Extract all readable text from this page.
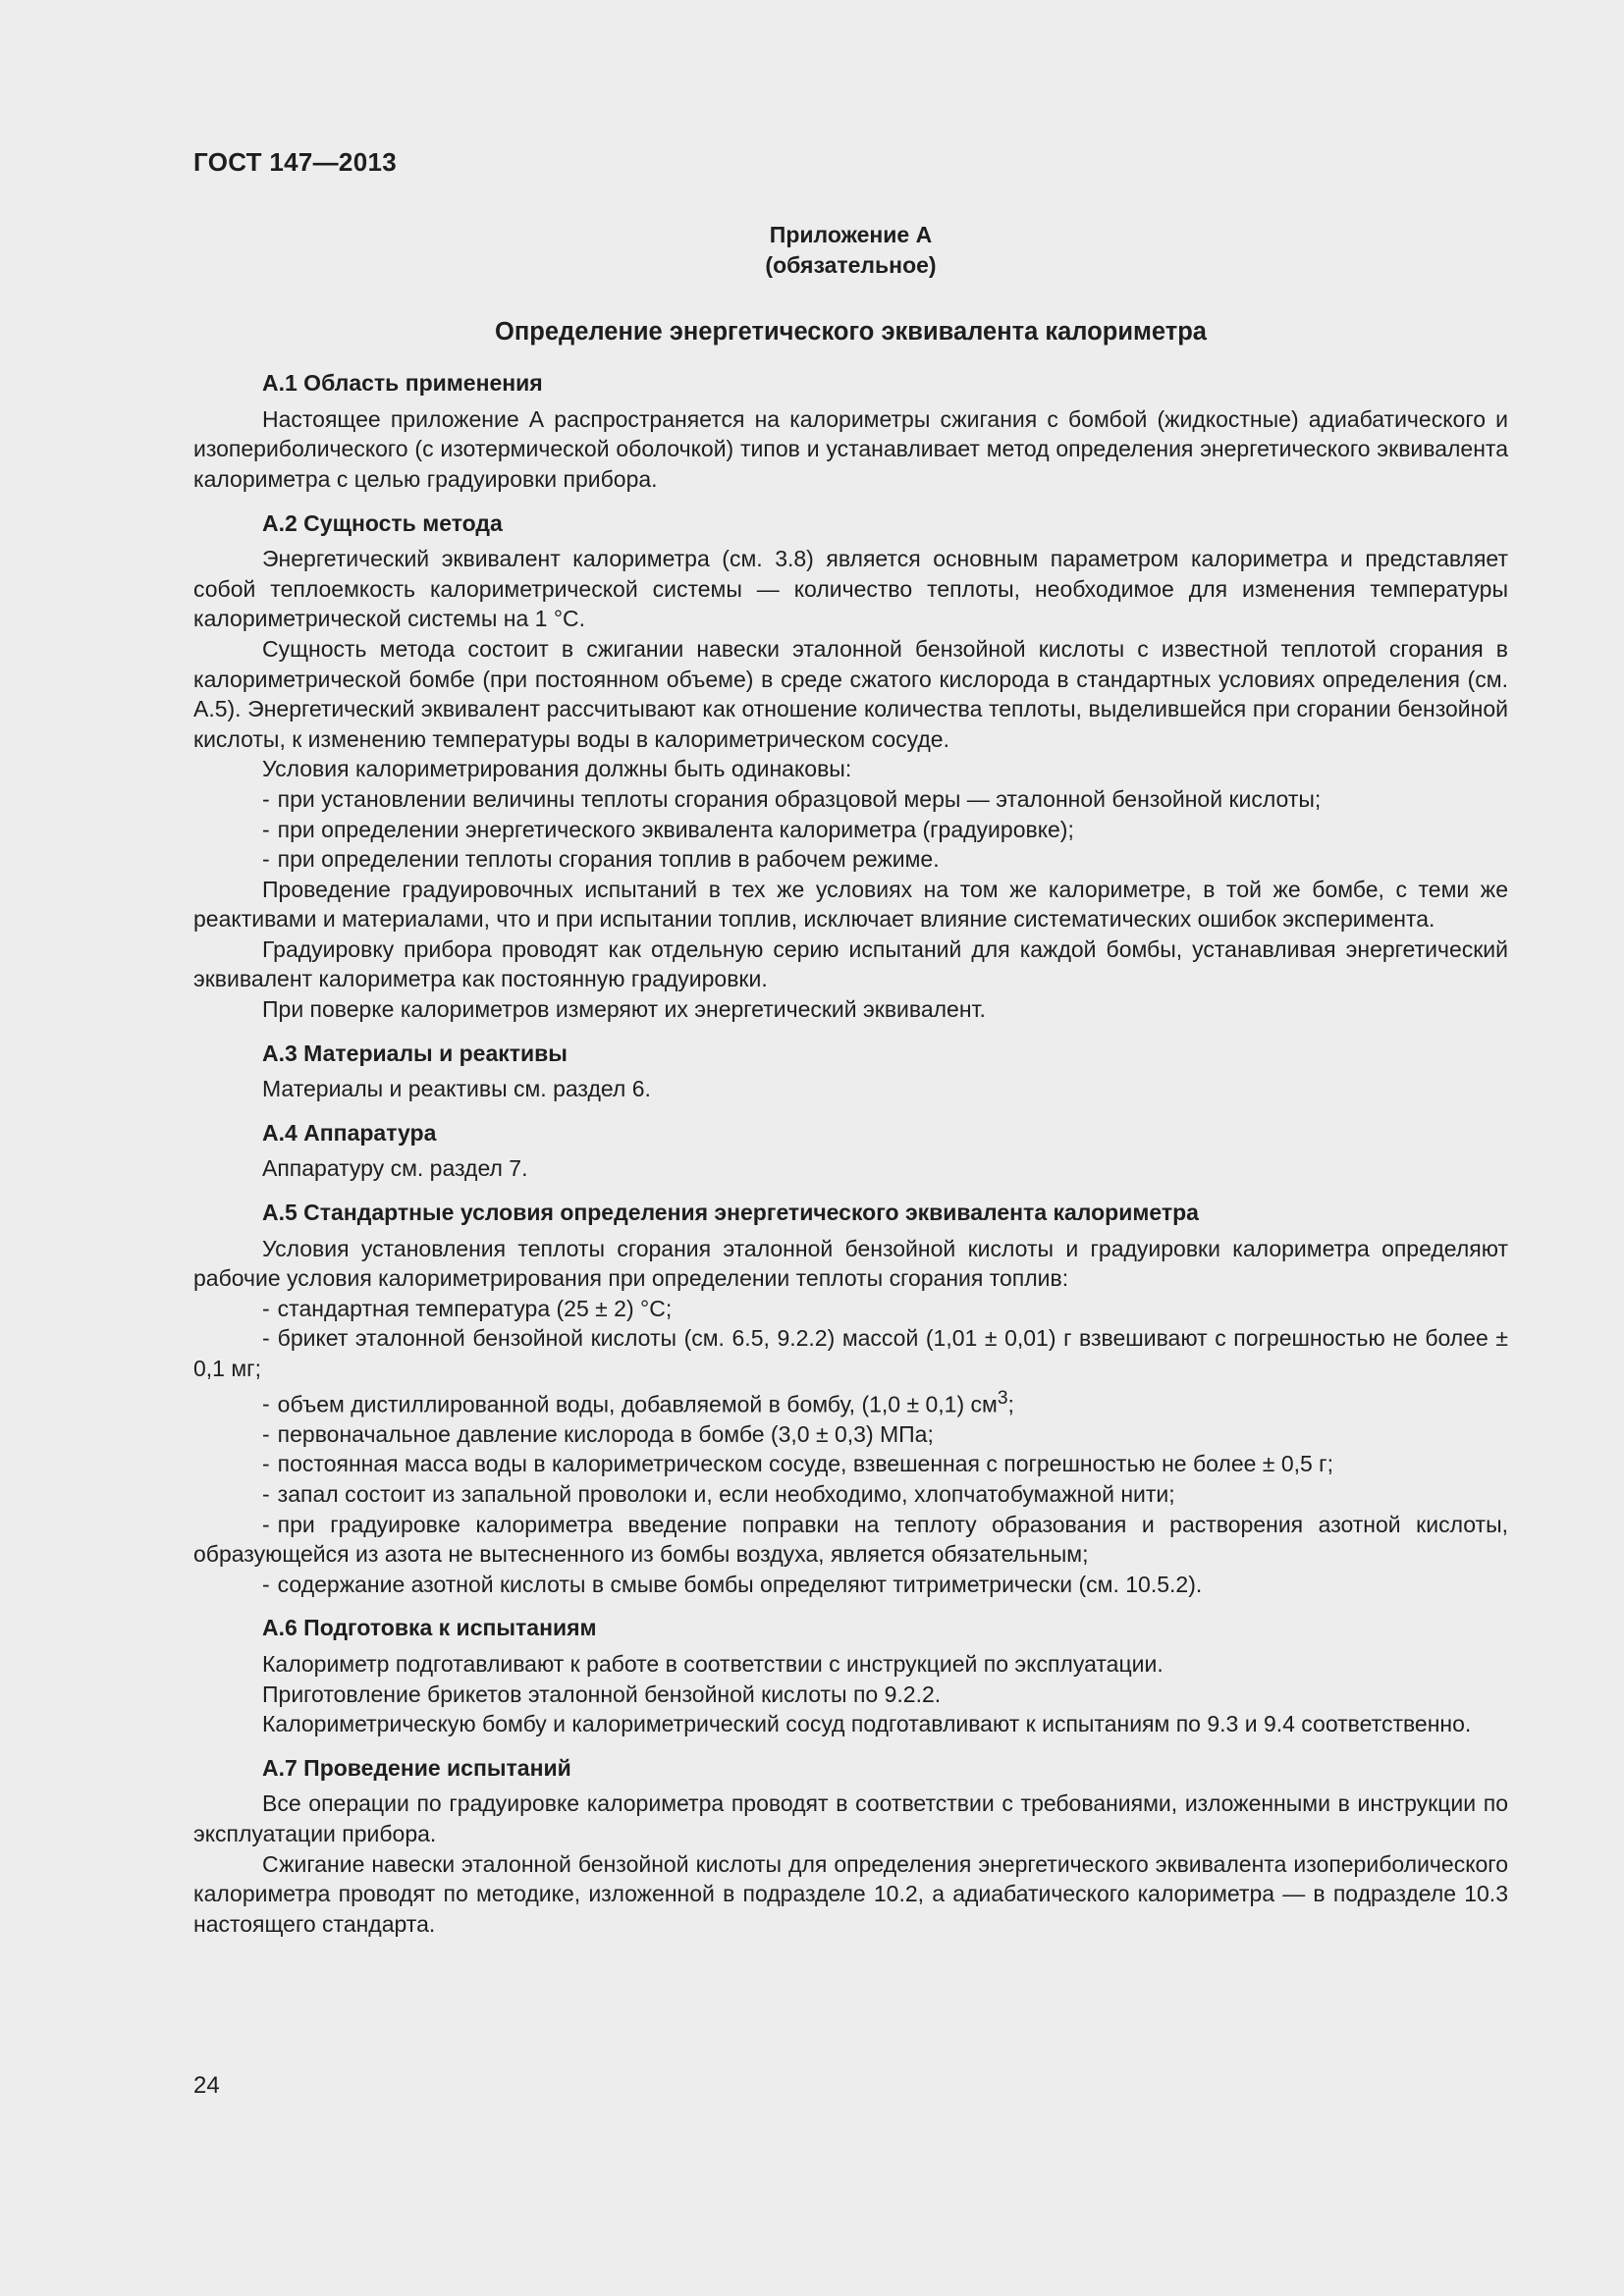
ГОСТ 147—2013
Приложение А
(обязательное)
Определение энергетического эквивалента калориметра
А.1 Область применения

Настоящее приложение А распространяется на калориметры сжигания с бомбой (жидкостные) адиабатического и изопериболического (с изотермической оболочкой) типов и устанавливает метод определения энергетического эквивалента калориметра с целью градуировки прибора.

А.2 Сущность метода

Энергетический эквивалент калориметра (см. 3.8) является основным параметром калориметра и представляет собой теплоемкость калориметрической системы — количество теплоты, необходимое для изменения температуры калориметрической системы на 1 °С.

Сущность метода состоит в сжигании навески эталонной бензойной кислоты с известной теплотой сгорания в калориметрической бомбе (при постоянном объеме) в среде сжатого кислорода в стандартных условиях определения (см. А.5). Энергетический эквивалент рассчитывают как отношение количества теплоты, выделившейся при сгорании бензойной кислоты, к изменению температуры воды в калориметрическом сосуде.

Условия калориметрирования должны быть одинаковы:

- при установлении величины теплоты сгорания образцовой меры — эталонной бензойной кислоты;
- при определении энергетического эквивалента калориметра (градуировке);
- при определении теплоты сгорания топлив в рабочем режиме.

Проведение градуировочных испытаний в тех же условиях на том же калориметре, в той же бомбе, с теми же реактивами и материалами, что и при испытании топлив, исключает влияние систематических ошибок эксперимента.

Градуировку прибора проводят как отдельную серию испытаний для каждой бомбы, устанавливая энергетический эквивалент калориметра как постоянную градуировки.

При поверке калориметров измеряют их энергетический эквивалент.

А.3 Материалы и реактивы

Материалы и реактивы см. раздел 6.

А.4 Аппаратура

Аппаратуру см. раздел 7.

А.5 Стандартные условия определения энергетического эквивалента калориметра

Условия установления теплоты сгорания эталонной бензойной кислоты и градуировки калориметра определяют рабочие условия калориметрирования при определении теплоты сгорания топлив:

- стандартная температура (25 ± 2) °С;
- брикет эталонной бензойной кислоты (см. 6.5, 9.2.2) массой (1,01 ± 0,01) г взвешивают с погрешностью не более ± 0,1 мг;
- объем дистиллированной воды, добавляемой в бомбу, (1,0 ± 0,1) $см^3$;
- первоначальное давление кислорода в бомбе (3,0 ± 0,3) МПа;
- постоянная масса воды в калориметрическом сосуде, взвешенная с погрешностью не более ± 0,5 г;
- запал состоит из запальной проволоки и, если необходимо, хлопчатобумажной нити;
- при градуировке калориметра введение поправки на теплоту образования и растворения азотной кислоты, образующейся из азота не вытесненного из бомбы воздуха, является обязательным;
- содержание азотной кислоты в смыве бомбы определяют титриметрически (см. 10.5.2).
А.6 Подготовка к испытаниям

Калориметр подготавливают к работе в соответствии с инструкцией по эксплуатации.

Приготовление брикетов эталонной бензойной кислоты по 9.2.2.

Калориметрическую бомбу и калориметрический сосуд подготавливают к испытаниям по 9.3 и 9.4 соответственно.

А.7 Проведение испытаний

Все операции по градуировке калориметра проводят в соответствии с требованиями, изложенными в инструкции по эксплуатации прибора.

Сжигание навески эталонной бензойной кислоты для определения энергетического эквивалента изопериболического калориметра проводят по методике, изложенной в подразделе 10.2, а адиабатического калориметра — в подразделе 10.3 настоящего стандарта.

24
